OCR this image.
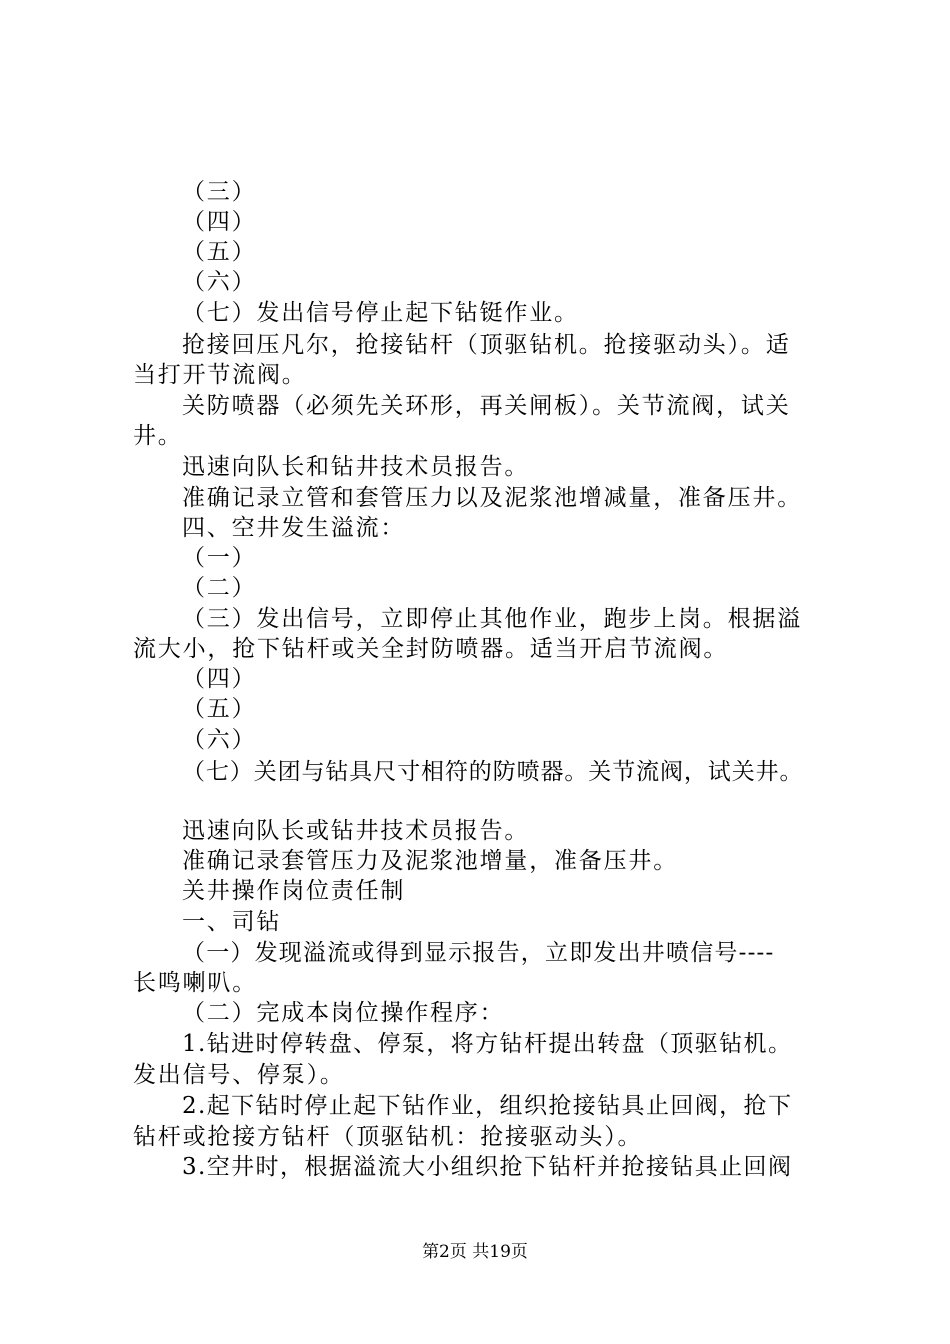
（三）
（四）
（五）
（六）
（七）发出信号停止起下钻铤作业。
抢接回压凡尔，抢接钻杆（顶驱钻机。抢接驱动头）。适
当打开节流阀。
关防喷器（必须先关环形，再关闸板）。关节流阀，试关
井。
迅速向队长和钻井技术员报告。
准确记录立管和套管压力以及泥浆池增减量，准备压井。
四、空井发生溢流：
（一）
（二）
（三）发出信号，立即停止其他作业，跑步上岗。根据溢
流大小，抢下钻杆或关全封防喷器。适当开启节流阀。
（四）
（五）
（六）
（七）关团与钻具尺寸相符的防喷器。关节流阀，试关井。
迅速向队长或钻井技术员报告。
准确记录套管压力及泥浆池增量，准备压井。
关井操作岗位责任制
一、司钻
（一）发现溢流或得到显示报告，立即发出井喷信号----
长鸣喇叭。
（二）完成本岗位操作程序：
1.钻进时停转盘、停泵，将方钻杆提出转盘（顶驱钻机。
发出信号、停泵）。
2.起下钻时停止起下钻作业，组织抢接钻具止回阀，抢下
钻杆或抢接方钻杆（顶驱钻机：抢接驱动头）。
3.空井时，根据溢流大小组织抢下钻杆并抢接钻具止回阀
第2页 共19页
